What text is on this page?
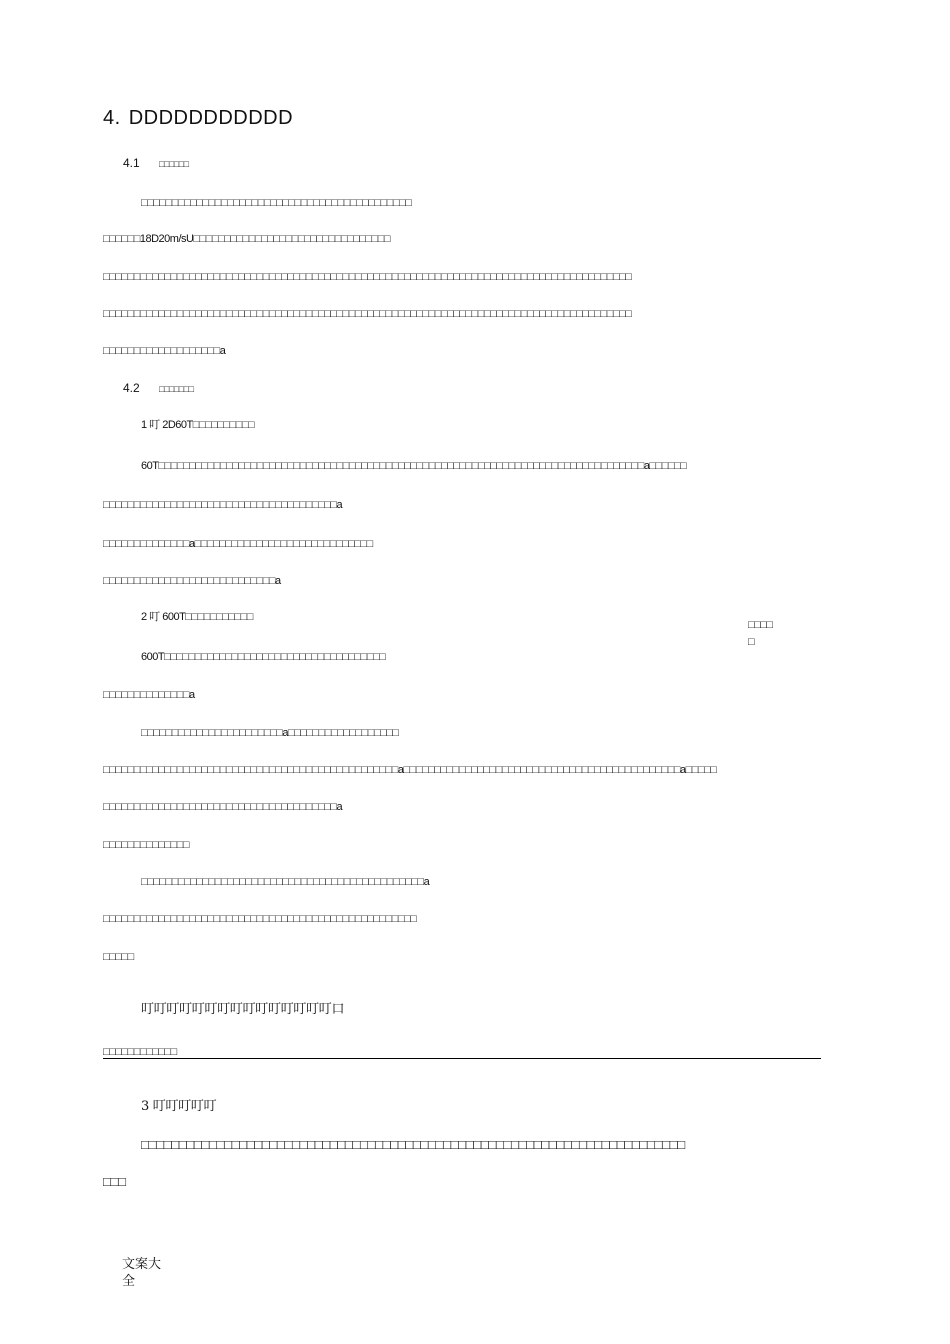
4. DDDDDDDDDDD
4.1 □□□□□□
□□□□□□□□□□□□□□□□□□□□□□□□□□□□□□□□□□□□□□□□□□□□
□□□□□□18D20m/sU□□□□□□□□□□□□□□□□□□□□□□□□□□□□□□□□
□□□□□□□□□□□□□□□□□□□□□□□□□□□□□□□□□□□□□□□□□□□□□□□□□□□□□□□□□□□□□□□□□□□□□□□□□□□□□□□□□□□□□□
□□□□□□□□□□□□□□□□□□□□□□□□□□□□□□□□□□□□□□□□□□□□□□□□□□□□□□□□□□□□□□□□□□□□□□□□□□□□□□□□□□□□□□
□□□□□□□□□□□□□□□□□□□a
4.2 □□□□□□□
1 叮 2D60T□□□□□□□□□□
60T□□□□□□□□□□□□□□□□□□□□□□□□□□□□□□□□□□□□□□□□□□□□□□□□□□□□□□□□□□□□□□□□□□□□□□□□□□□□□□□a□□□□□□
□□□□□□□□□□□□□□□□□□□□□□□□□□□□□□□□□□□□□□a
□□□□□□□□□□□□□□a□□□□□□□□□□□□□□□□□□□□□□□□□□□□□
□□□□□□□□□□□□□□□□□□□□□□□□□□□□a
2 叮 600T□□□□□□□□□□□
□□□□
□
600T□□□□□□□□□□□□□□□□□□□□□□□□□□□□□□□□□□□□
□□□□□□□□□□□□□□a
□□□□□□□□□□□□□□□□□□□□□□□a□□□□□□□□□□□□□□□□□□
□□□□□□□□□□□□□□□□□□□□□□□□□□□□□□□□□□□□□□□□□□□□□□□□a□□□□□□□□□□□□□□□□□□□□□□□□□□□□□□□□□□□□□□□□□□□□□a□□□□□
□□□□□□□□□□□□□□□□□□□□□□□□□□□□□□□□□□□□□□a
□□□□□□□□□□□□□□
□□□□□□□□□□□□□□□□□□□□□□□□□□□□□□□□□□□□□□□□□□□□□□a
□□□□□□□□□□□□□□□□□□□□□□□□□□□□□□□□□□□□□□□□□□□□□□□□□□□
□□□□□
叮叮叮叮叮叮叮叮叮叮叮叮叮叮叮口
□□□□□□□□□□□□
3 叮叮叮叮叮
□□□□□□□□□□□□□□□□□□□□□□□□□□□□□□□□□□□□□□□□□□□□□□□□□□□□□□□□□□□□□□□□□□□□□□□□
□□□
文案大全
